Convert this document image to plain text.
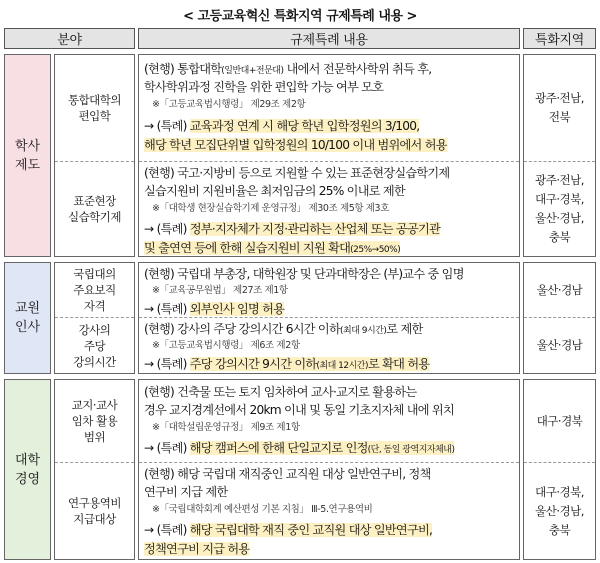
< 고등교육혁신 특화지역 규제특례 내용 >
분야	규제특례 내용	특화지역
학사
제도
교원
인사
대학
경영
통합대학의
편입학
표준현장
실습학기제
국립대의
주요보직
자격
강사의
주당
강의시간
교지·교사
임차 활용
범위
연구용역비
지급대상
광주·전남,
전북
광주·전남,
대구·경북,
울산·경남,
충북
울산·경남
울산·경남
대구·경북
대구·경북,
울산·경남,
충북
(현행) 통합대학(일반대+전문대) 내에서 전문학사학위 취득 후,
학사학위과정 진학을 위한 편입학 가능 여부 모호
※「고등교육법시행령」 제29조 제2항
→ (특례) 교육과정 연계 시 해당 학년 입학정원의 3/100,
해당 학년 모집단위별 입학정원의 10/100 이내 범위에서 허용
(현행) 국고·지방비 등으로 지원할 수 있는 표준현장실습학기제
실습지원비 지원비율은 최저임금의 25% 이내로 제한
※「대학생 현장실습학기제 운영규정」 제30조 제5항 제3호
→ (특례) 정부·지자체가 지정·관리하는 산업체 또는 공공기관
및 출연연 등에 한해 실습지원비 지원 확대(25%→50%)
(현행) 국립대 부총장, 대학원장 및 단과대학장은 (부)교수 중 임명
※「교육공무원법」 제27조 제1항
→ (특례) 외부인사 임명 허용
(현행) 강사의 주당 강의시간 6시간 이하(최대 9시간)로 제한
※「고등교육법시행령」 제6조 제2항
→ (특례) 주당 강의시간 9시간 이하(최대 12시간)로 확대 허용
(현행) 건축물 또는 토지 임차하여 교사·교지로 활용하는
경우 교지경계선에서 20km 이내 및 동일 기초지자체 내에 위치
※「대학설립운영규정」 제9조 제1항
→ (특례) 해당 캠퍼스에 한해 단일교지로 인정(단, 동일 광역지자체내)
(현행) 해당 국립대 재직중인 교직원 대상 일반연구비, 정책
연구비 지급 제한
※「국립대학회계 예산편성 기본 지침」 Ⅲ-5.연구용역비
→ (특례) 해당 국립대학 재직 중인 교직원 대상 일반연구비,
정책연구비 지급 허용
